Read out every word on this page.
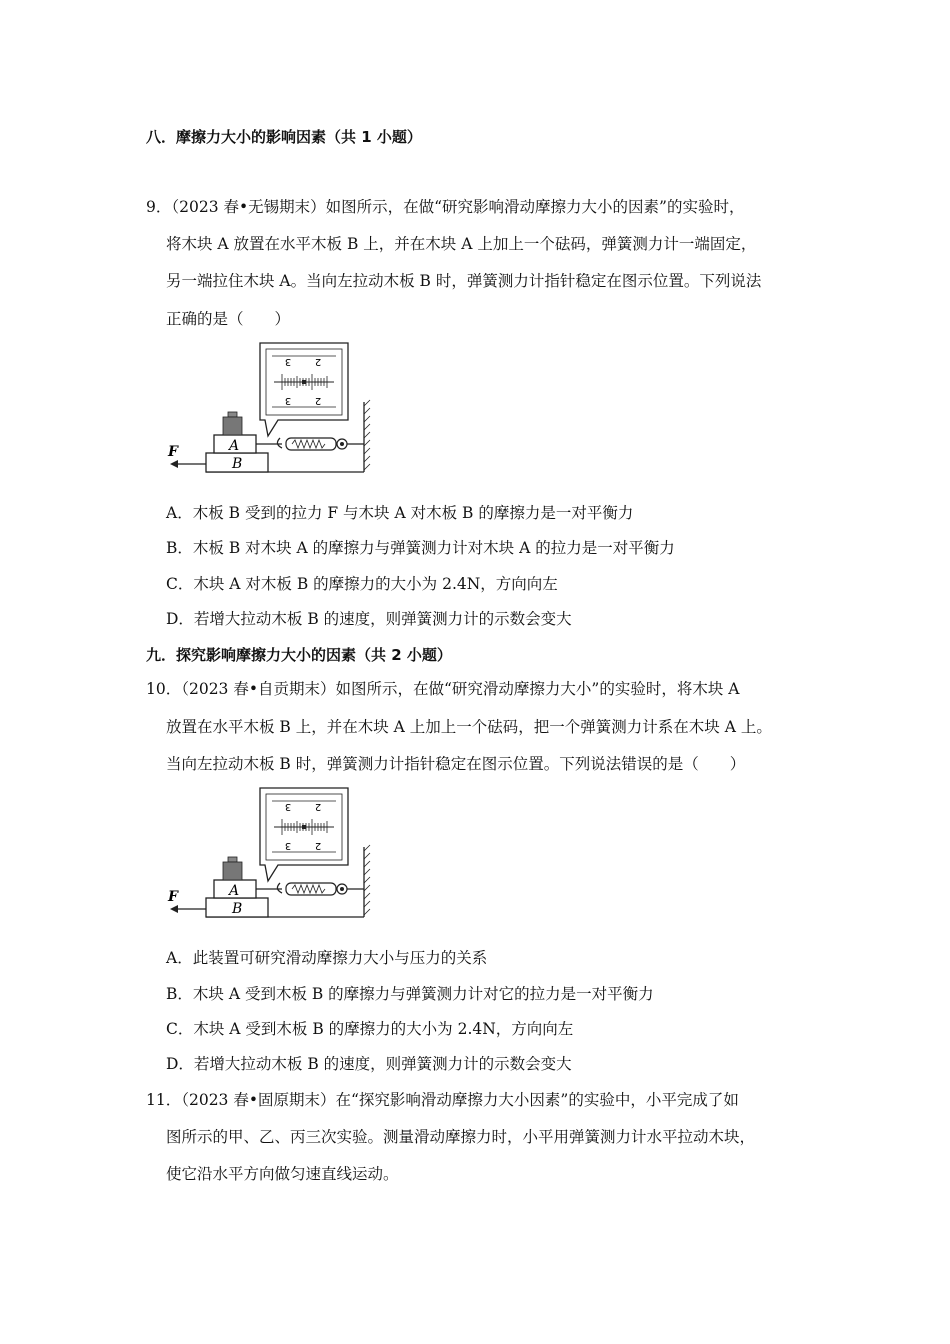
八．摩擦力大小的影响因素（共 1 小题）
9．（2023 春•无锡期末）如图所示，在做“研究影响滑动摩擦力大小的因素”的实验时，
将木块 A 放置在水平木板 B 上，并在木块 A 上加上一个砝码，弹簧测力计一端固定，
另一端拉住木块 A。当向左拉动木板 B 时，弹簧测力计指针稳定在图示位置。下列说法
正确的是（　　）
3 2
3 2
B
A
F
A．木板 B 受到的拉力 F 与木块 A 对木板 B 的摩擦力是一对平衡力
B．木板 B 对木块 A 的摩擦力与弹簧测力计对木块 A 的拉力是一对平衡力
C．木块 A 对木板 B 的摩擦力的大小为 2.4N，方向向左
D．若增大拉动木板 B 的速度，则弹簧测力计的示数会变大
九．探究影响摩擦力大小的因素（共 2 小题）
10．（2023 春•自贡期末）如图所示，在做“研究滑动摩擦力大小”的实验时，将木块 A
放置在水平木板 B 上，并在木块 A 上加上一个砝码，把一个弹簧测力计系在木块 A 上。
当向左拉动木板 B 时，弹簧测力计指针稳定在图示位置。下列说法错误的是（　　）
3 2
3 2
B
A
F
A．此装置可研究滑动摩擦力大小与压力的关系
B．木块 A 受到木板 B 的摩擦力与弹簧测力计对它的拉力是一对平衡力
C．木块 A 受到木板 B 的摩擦力的大小为 2.4N，方向向左
D．若增大拉动木板 B 的速度，则弹簧测力计的示数会变大
11．（2023 春•固原期末）在“探究影响滑动摩擦力大小因素”的实验中，小平完成了如
图所示的甲、乙、丙三次实验。测量滑动摩擦力时，小平用弹簧测力计水平拉动木块，
使它沿水平方向做匀速直线运动。
